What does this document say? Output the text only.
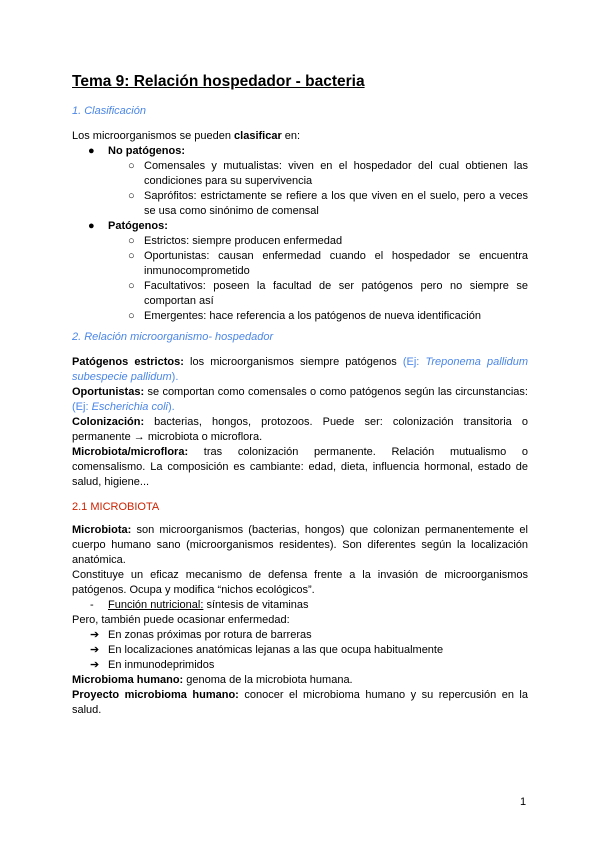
Tema 9: Relación hospedador - bacteria
1. Clasificación

Los microorganismos se pueden clasificar en:

● No patógenos:
○ Comensales y mutualistas: viven en el hospedador del cual obtienen las condiciones para su supervivencia
○ Saprófitos: estrictamente se refiere a los que viven en el suelo, pero a veces se usa como sinónimo de comensal
● Patógenos:
○ Estrictos: siempre producen enfermedad
○ Oportunistas: causan enfermedad cuando el hospedador se encuentra inmunocomprometido
○ Facultativos: poseen la facultad de ser patógenos pero no siempre se comportan así
○ Emergentes: hace referencia a los patógenos de nueva identificación
2. Relación microorganismo- hospedador

Patógenos estrictos: los microorganismos siempre patógenos (Ej: Treponema pallidum subespecie pallidum).

Oportunistas: se comportan como comensales o como patógenos según las circunstancias: (Ej: Escherichia coli).

Colonización: bacterias, hongos, protozoos. Puede ser: colonización transitoria o permanente → microbiota o microflora.

Microbiota/microflora: tras colonización permanente. Relación mutualismo o comensalismo. La composición es cambiante: edad, dieta, influencia hormonal, estado de salud, higiene...

2.1 MICROBIOTA

Microbiota: son microorganismos (bacterias, hongos) que colonizan permanentemente el cuerpo humano sano (microorganismos residentes). Son diferentes según la localización anatómica.

Constituye un eficaz mecanismo de defensa frente a la invasión de microorganismos patógenos. Ocupa y modifica “nichos ecológicos”.

- Función nutricional: síntesis de vitaminas

Pero, también puede ocasionar enfermedad:

➔ En zonas próximas por rotura de barreras
➔ En localizaciones anatómicas lejanas a las que ocupa habitualmente
➔ En inmunodeprimidos

Microbioma humano: genoma de la microbiota humana.

Proyecto microbioma humano: conocer el microbioma humano y su repercusión en la salud.

1
